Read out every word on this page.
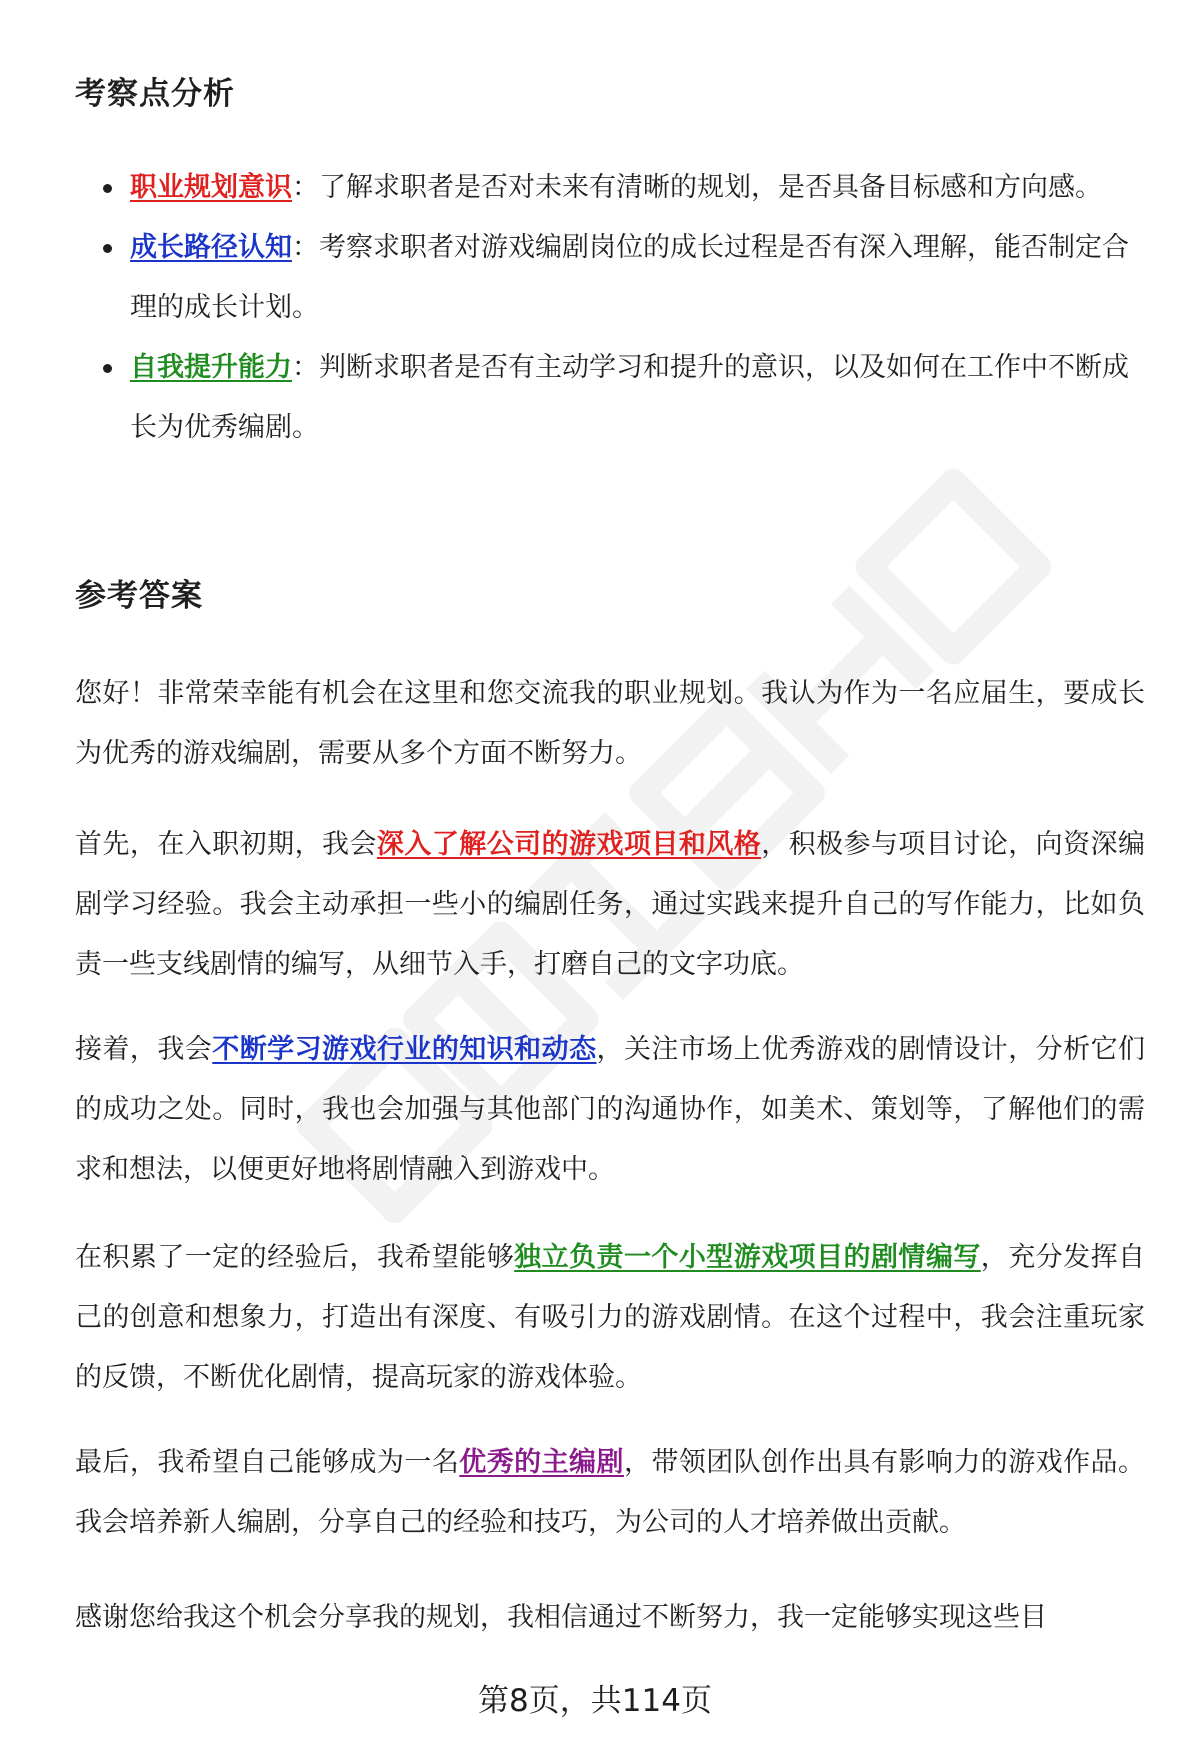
考察点分析
职业规划意识：了解求职者是否对未来有清晰的规划，是否具备目标感和方向感。
成长路径认知：考察求职者对游戏编剧岗位的成长过程是否有深入理解，能否制定合理的成长计划。
自我提升能力：判断求职者是否有主动学习和提升的意识，以及如何在工作中不断成长为优秀编剧。
参考答案

您好！非常荣幸能有机会在这里和您交流我的职业规划。我认为作为一名应届生，要成长为优秀的游戏编剧，需要从多个方面不断努力。

首先，在入职初期，我会深入了解公司的游戏项目和风格，积极参与项目讨论，向资深编剧学习经验。我会主动承担一些小的编剧任务，通过实践来提升自己的写作能力，比如负责一些支线剧情的编写，从细节入手，打磨自己的文字功底。

接着，我会不断学习游戏行业的知识和动态，关注市场上优秀游戏的剧情设计，分析它们的成功之处。同时，我也会加强与其他部门的沟通协作，如美术、策划等，了解他们的需求和想法，以便更好地将剧情融入到游戏中。

在积累了一定的经验后，我希望能够独立负责一个小型游戏项目的剧情编写，充分发挥自己的创意和想象力，打造出有深度、有吸引力的游戏剧情。在这个过程中，我会注重玩家的反馈，不断优化剧情，提高玩家的游戏体验。

最后，我希望自己能够成为一名优秀的主编剧，带领团队创作出具有影响力的游戏作品。我会培养新人编剧，分享自己的经验和技巧，为公司的人才培养做出贡献。

感谢您给我这个机会分享我的规划，我相信通过不断努力，我一定能够实现这些目

第8页，共114页
